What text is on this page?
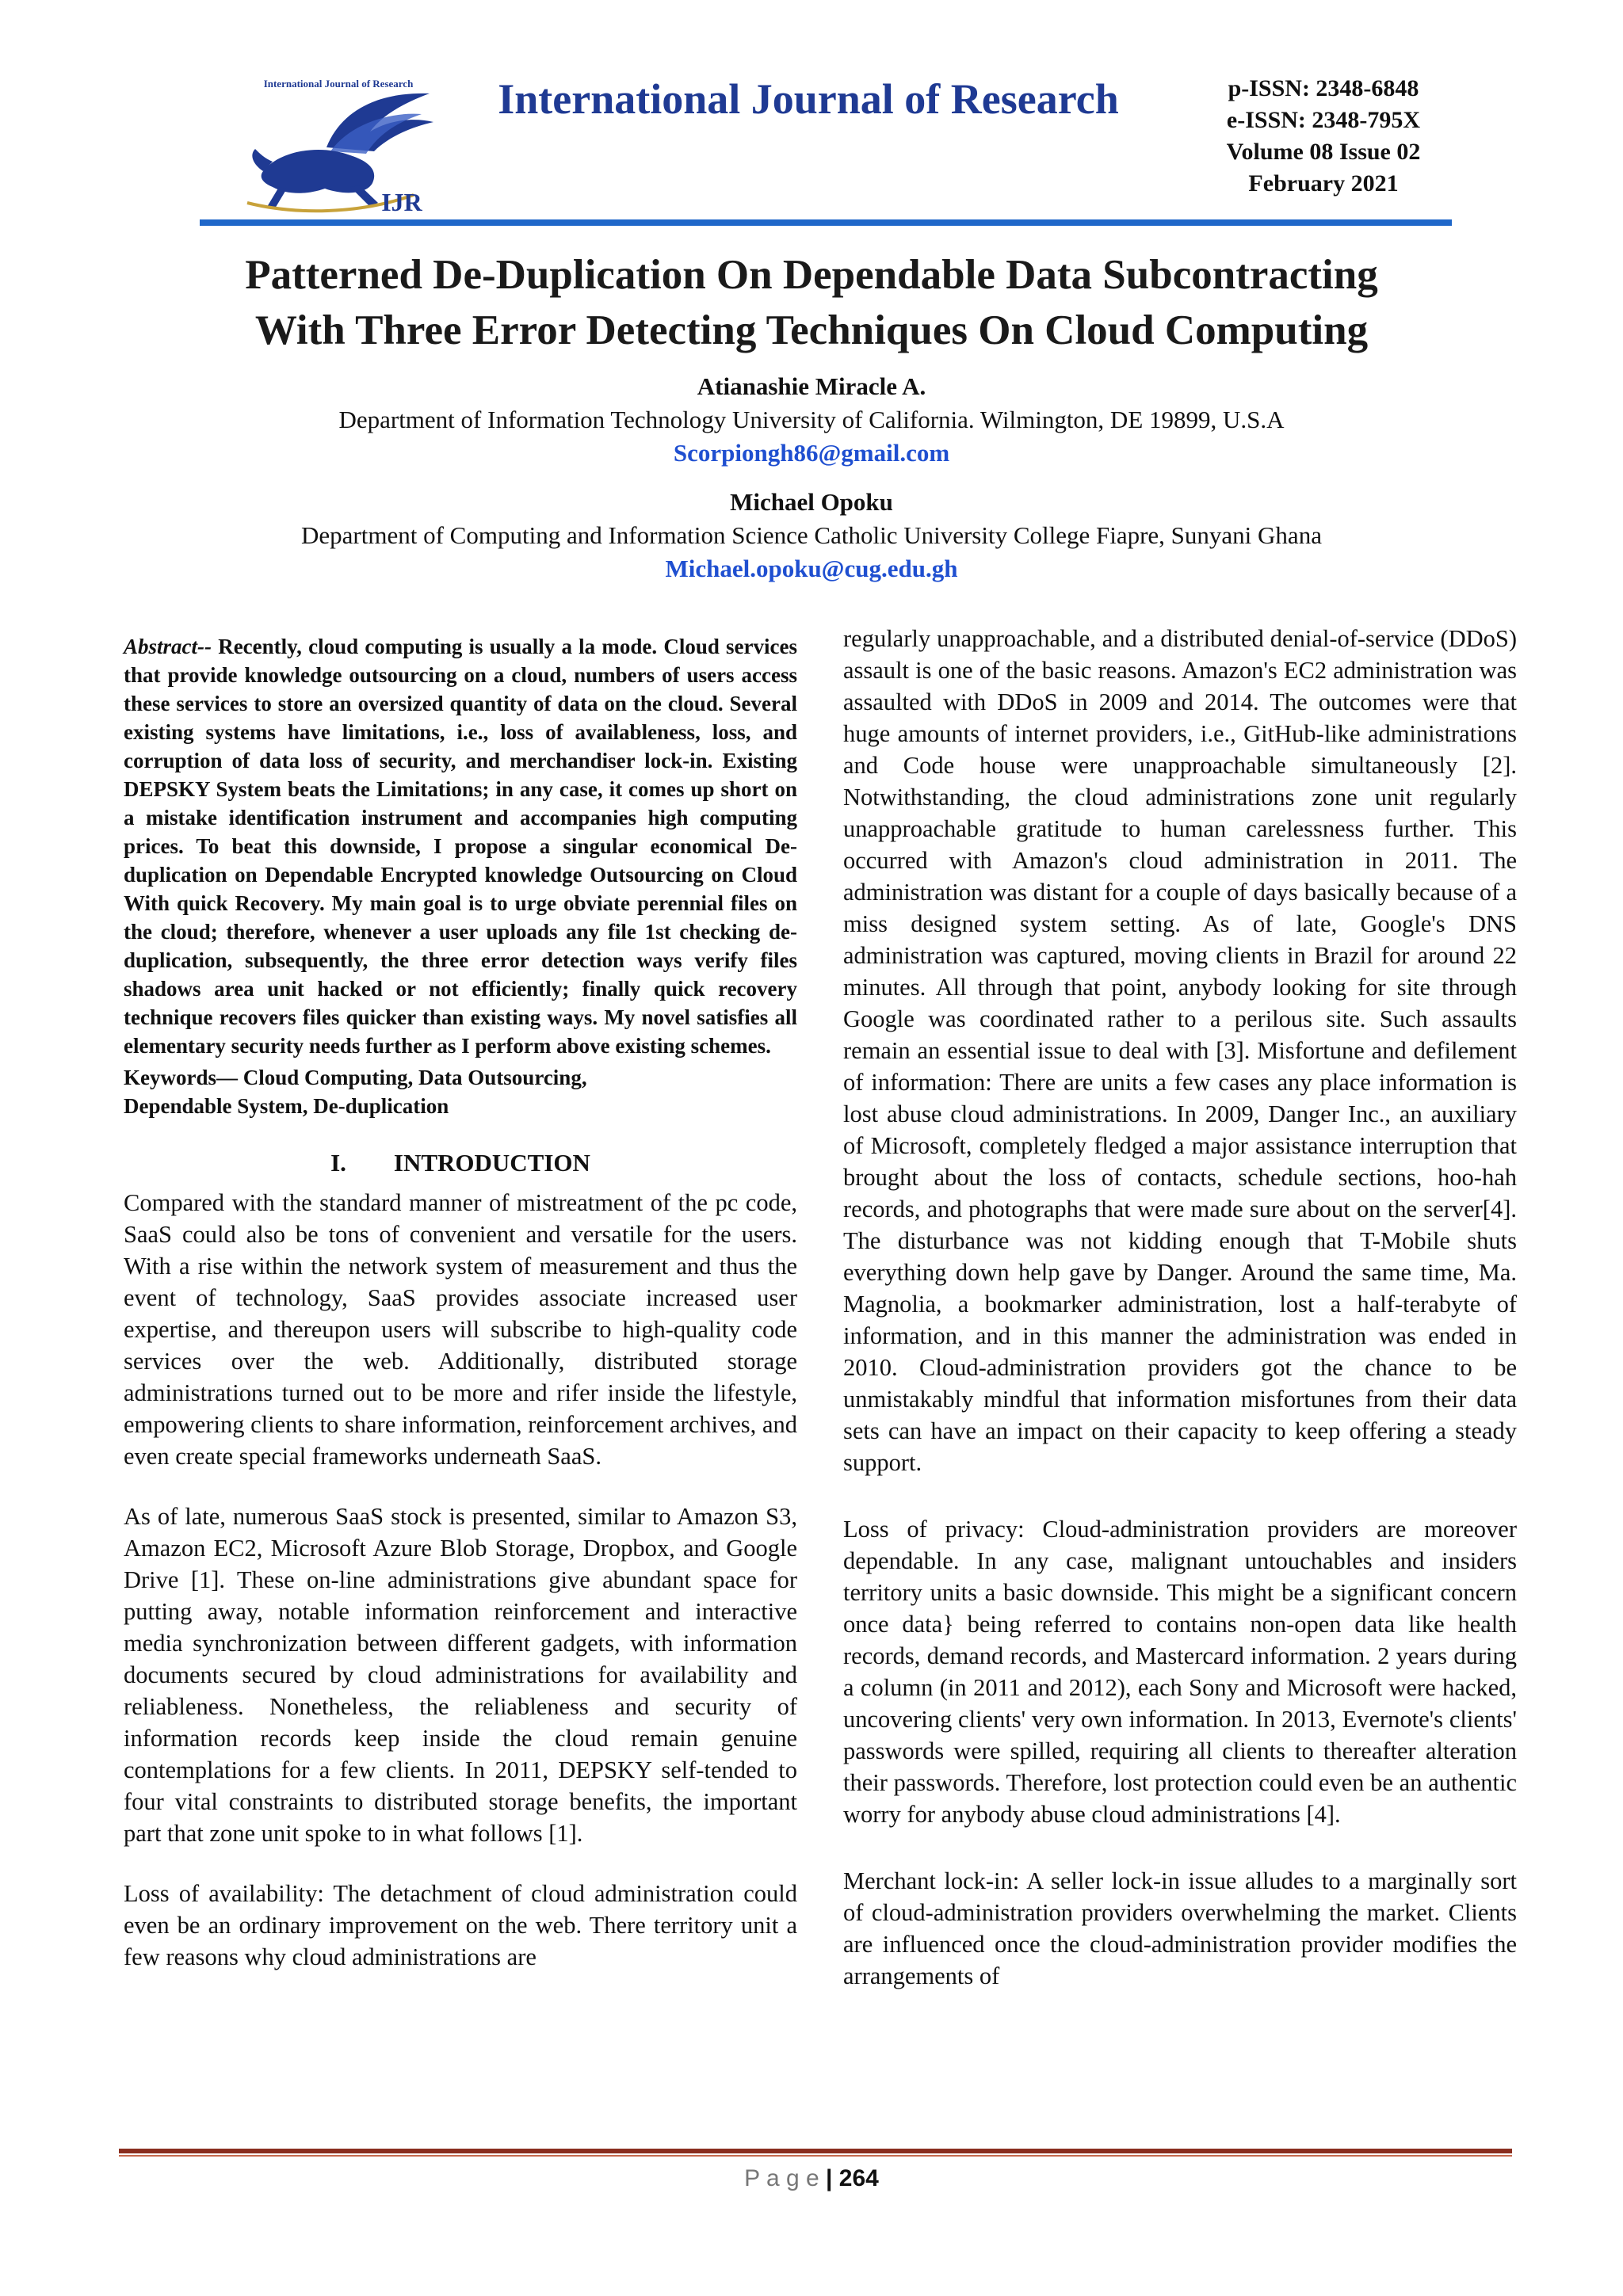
International Journal of Research
IJR
International Journal of Research	p-ISSN: 2348-6848
e-ISSN: 2348-795X
Volume 08 Issue 02
February 2021
Patterned De-Duplication On Dependable Data Subcontracting
With Three Error Detecting Techniques On Cloud Computing
Atianashie Miracle A.
Department of Information Technology University of California. Wilmington, DE 19899, U.S.A
Scorpiongh86@gmail.com
Michael Opoku
Department of Computing and Information Science Catholic University College Fiapre, Sunyani Ghana
Michael.opoku@cug.edu.gh

Abstract-- Recently, cloud computing is usually a la mode. Cloud services that provide knowledge outsourcing on a cloud, numbers of users access these services to store an oversized quantity of data on the cloud. Several existing systems have limitations, i.e., loss of availableness, loss, and corruption of data loss of security, and merchandiser lock-in. Existing DEPSKY System beats the Limitations; in any case, it comes up short on a mistake identification instrument and accompanies high computing prices. To beat this downside, I propose a singular economical De-duplication on Dependable Encrypted knowledge Outsourcing on Cloud With quick Recovery. My main goal is to urge obviate perennial files on the cloud; therefore, whenever a user uploads any file 1st checking de-duplication, subsequently, the three error detection ways verify files shadows area unit hacked or not efficiently; finally quick recovery technique recovers files quicker than existing ways. My novel satisfies all elementary security needs further as I perform above existing schemes.

Keywords— Cloud Computing, Data Outsourcing,
Dependable System, De-duplication

I. INTRODUCTION

Compared with the standard manner of mistreatment of the pc code, SaaS could also be tons of convenient and versatile for the users. With a rise within the network system of measurement and thus the event of technology, SaaS provides associate increased user expertise, and thereupon users will subscribe to high-quality code services over the web. Additionally, distributed storage administrations turned out to be more and rifer inside the lifestyle, empowering clients to share information, reinforcement archives, and even create special frameworks underneath SaaS.

As of late, numerous SaaS stock is presented, similar to Amazon S3, Amazon EC2, Microsoft Azure Blob Storage, Dropbox, and Google Drive [1]. These on-line administrations give abundant space for putting away, notable information reinforcement and interactive media synchronization between different gadgets, with information documents secured by cloud administrations for availability and reliableness. Nonetheless, the reliableness and security of information records keep inside the cloud remain genuine contemplations for a few clients. In 2011, DEPSKY self-tended to four vital constraints to distributed storage benefits, the important part that zone unit spoke to in what follows [1].

Loss of availability: The detachment of cloud administration could even be an ordinary improvement on the web. There territory unit a few reasons why cloud administrations are

regularly unapproachable, and a distributed denial-of-service (DDoS) assault is one of the basic reasons. Amazon's EC2 administration was assaulted with DDoS in 2009 and 2014. The outcomes were that huge amounts of internet providers, i.e., GitHub-like administrations and Code house were unapproachable simultaneously [2]. Notwithstanding, the cloud administrations zone unit regularly unapproachable gratitude to human carelessness further. This occurred with Amazon's cloud administration in 2011. The administration was distant for a couple of days basically because of a miss designed system setting. As of late, Google's DNS administration was captured, moving clients in Brazil for around 22 minutes. All through that point, anybody looking for site through Google was coordinated rather to a perilous site. Such assaults remain an essential issue to deal with [3]. Misfortune and defilement of information: There are units a few cases any place information is lost abuse cloud administrations. In 2009, Danger Inc., an auxiliary of Microsoft, completely fledged a major assistance interruption that brought about the loss of contacts, schedule sections, hoo-hah records, and photographs that were made sure about on the server[4]. The disturbance was not kidding enough that T-Mobile shuts everything down help gave by Danger. Around the same time, Ma. Magnolia, a bookmarker administration, lost a half-terabyte of information, and in this manner the administration was ended in 2010. Cloud-administration providers got the chance to be unmistakably mindful that information misfortunes from their data sets can have an impact on their capacity to keep offering a steady support.

Loss of privacy: Cloud-administration providers are moreover dependable. In any case, malignant untouchables and insiders territory units a basic downside. This might be a significant concern once data} being referred to contains non-open data like health records, demand records, and Mastercard information. 2 years during a column (in 2011 and 2012), each Sony and Microsoft were hacked, uncovering clients' very own information. In 2013, Evernote's clients' passwords were spilled, requiring all clients to thereafter alteration their passwords. Therefore, lost protection could even be an authentic worry for anybody abuse cloud administrations [4].

Merchant lock-in: A seller lock-in issue alludes to a marginally sort of cloud-administration providers overwhelming the market. Clients are influenced once the cloud-administration provider modifies the arrangements of

P a g e | 264
